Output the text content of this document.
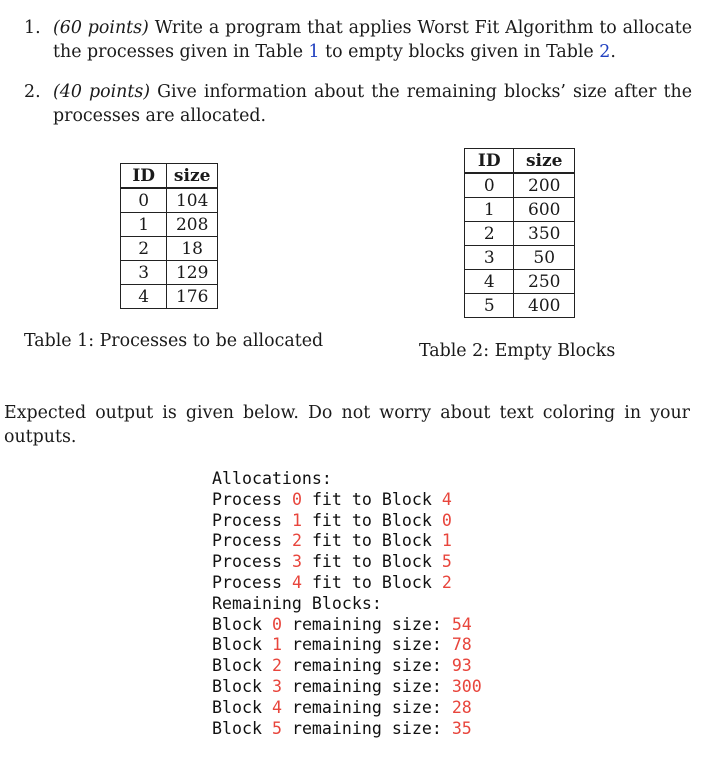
1. (60 points) Write a program that applies Worst Fit Algorithm to allocate the processes given in Table 1 to empty blocks given in Table 2.
2. (40 points) Give information about the remaining blocks’ size after the processes are allocated.
ID	size
0	104
1	208
2	18
3	129
4	176
Table 1: Processes to be allocated
ID	size
0	200
1	600
2	350
3	50
4	250
5	400
Table 2: Empty Blocks
Expected output is given below. Do not worry about text coloring in your outputs.
Allocations:
Process 0 fit to Block 4
Process 1 fit to Block 0
Process 2 fit to Block 1
Process 3 fit to Block 5
Process 4 fit to Block 2
Remaining Blocks:
Block 0 remaining size: 54
Block 1 remaining size: 78
Block 2 remaining size: 93
Block 3 remaining size: 300
Block 4 remaining size: 28
Block 5 remaining size: 35
